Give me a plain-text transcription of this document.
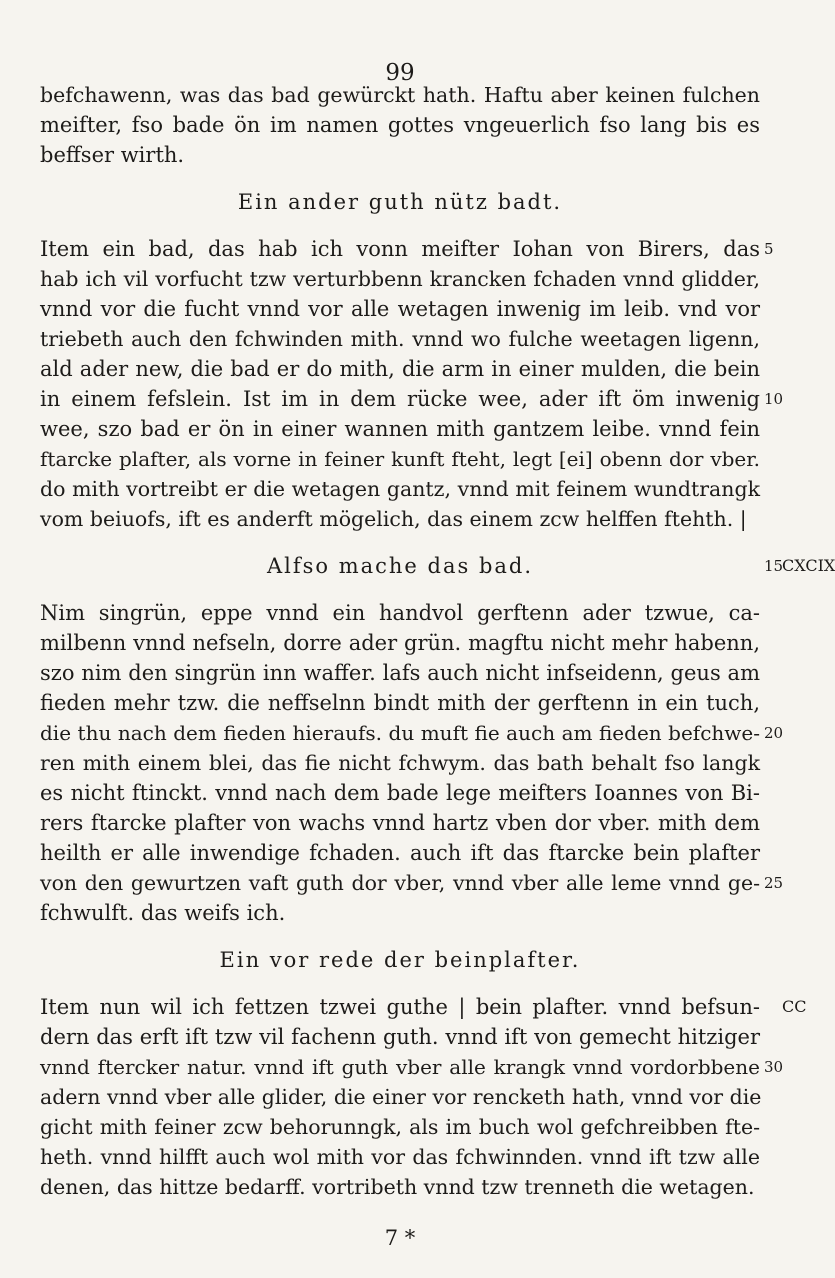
99
befchawenn, was das bad gewürckt hath. Haftu aber keinen fulchen
meifter, fso bade ön im namen gottes vngeuerlich fso lang bis es
beffser wirth.
Ein ander guth nütz badt.
Item ein bad, das hab ich vonn meifter Iohan von Birers, das
hab ich vil vorfucht tzw verturbbenn krancken fchaden vnnd glidder,
vnnd vor die fucht vnnd vor alle wetagen inwenig im leib. vnd vor
triebeth auch den fchwinden mith. vnnd wo fulche weetagen ligenn,
ald ader new, die bad er do mith, die arm in einer mulden, die bein
in einem fefslein. Ist im in dem rücke wee, ader ift öm inwenig
wee, szo bad er ön in einer wannen mith gantzem leibe. vnnd fein
ftarcke plafter, als vorne in feiner kunft fteht, legt [ei] obenn dor vber.
do mith vortreibt er die wetagen gantz, vnnd mit feinem wundtrangk
vom beiuofs, ift es anderft mögelich, das einem zcw helffen ftehth. |
Alfso mache das bad.
Nim singrün, eppe vnnd ein handvol gerftenn ader tzwue, ca-
milbenn vnnd nefseln, dorre ader grün. magftu nicht mehr habenn,
szo nim den singrün inn waffer. lafs auch nicht infseidenn, geus am
fieden mehr tzw. die neffselnn bindt mith der gerftenn in ein tuch,
die thu nach dem fieden hieraufs. du muft fie auch am fieden befchwe-
ren mith einem blei, das fie nicht fchwym. das bath behalt fso langk
es nicht ftinckt. vnnd nach dem bade lege meifters Ioannes von Bi-
rers ftarcke plafter von wachs vnnd hartz vben dor vber. mith dem
heilth er alle inwendige fchaden. auch ift das ftarcke bein plafter
von den gewurtzen vaft guth dor vber, vnnd vber alle leme vnnd ge-
fchwulft. das weifs ich.
Ein vor rede der beinplafter.
Item nun wil ich fettzen tzwei guthe | bein plafter. vnnd befsun-
dern das erft ift tzw vil fachenn guth. vnnd ift von gemecht hitziger
vnnd ftercker natur. vnnd ift guth vber alle krangk vnnd vordorbbene
adern vnnd vber alle glider, die einer vor rencketh hath, vnnd vor die
gicht mith feiner zcw behorunngk, als im buch wol gefchreibben fte-
heth. vnnd hilfft auch wol mith vor das fchwinnden. vnnd ift tzw alle
denen, das hittze bedarff. vortribeth vnnd tzw trenneth die wetagen.
5
10
15
20
25
30
CXCIX
CC
7 *
